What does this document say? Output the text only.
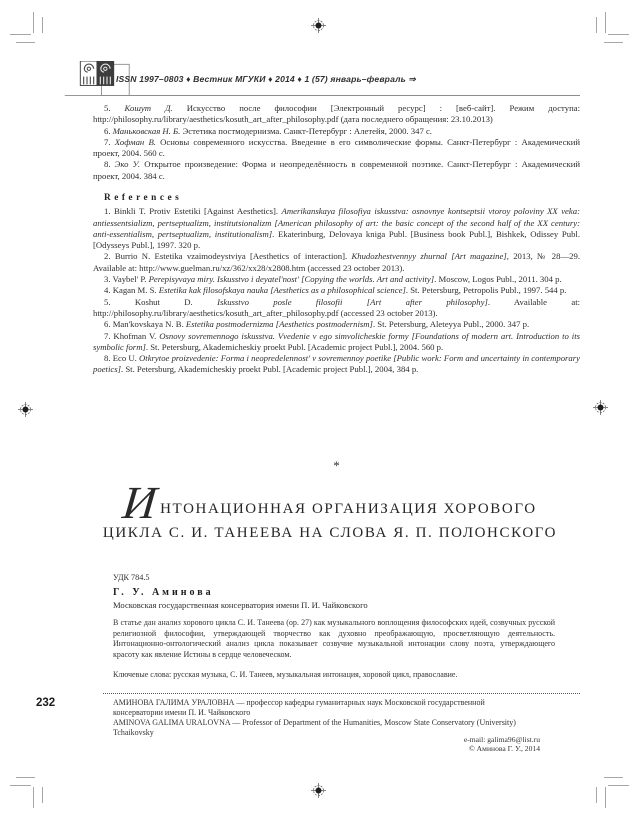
ISSN 1997–0803 ♦ Вестник МГУКИ ♦ 2014 ♦ 1 (57) январь–февраль ⇒

5. Кошут Д. Искусство после философии [Электронный ресурс] : [веб-сайт]. Режим доступа: http://philosophy.ru/library/aesthetics/kosuth_art_after_philosophy.pdf (дата последнего обращения: 23.10.2013)

6. Маньковская Н. Б. Эстетика постмодернизма. Санкт-Петербург : Алетейя, 2000. 347 с.

7. Хофман В. Основы современного искусства. Введение в его символические формы. Санкт-Петербург : Академический проект, 2004. 560 с.

8. Эко У. Открытое произведение: Форма и неопределённость в современной поэтике. Санкт-Петербург : Академический проект, 2004. 384 с.

References

1. Binkli T. Protiv Estetiki [Against Aesthetics]. Amerikanskaya filosofiya iskusstva: osnovnye kontseptsii vtoroy poloviny XX veka: antiessentsializm, pertseptualizm, institutsionalizm [American philosophy of art: the basic concept of the second half of the XX century: anti-essentialism, pertseptualizm, institutionalism]. Ekaterinburg, Delovaya kniga Publ. [Business book Publ.], Bishkek, Odissey Publ. [Odysseys Publ.], 1997. 320 p.

2. Burrio N. Estetika vzaimodeystviya [Aesthetics of interaction]. Khudozhestvennyy zhurnal [Art magazine], 2013, № 28—29. Available at: http://www.guelman.ru/xz/362/xx28/x2808.htm (accessed 23 october 2013).

3. Vaybel' P. Perepisyvaya miry. Iskusstvo i deyatel'nost' [Copying the worlds. Art and activity]. Moscow, Logos Publ., 2011. 304 p.

4. Kagan M. S. Estetika kak filosofskaya nauka [Aesthetics as a philosophical science]. St. Petersburg, Petropolis Publ., 1997. 544 p.

5. Koshut D. Iskusstvo posle filosofii [Art after philosophy]. Available at: http://philosophy.ru/library/aesthetics/kosuth_art_after_philosophy.pdf (accessed 23 october 2013).

6. Man'kovskaya N. B. Estetika postmodernizma [Aesthetics postmodernism]. St. Petersburg, Aleteyya Publ., 2000. 347 p.

7. Khofman V. Osnovy sovremennogo iskusstva. Vvedenie v ego simvolicheskie formy [Foundations of modern art. Introduction to its symbolic form]. St. Petersburg, Akademicheskiy proekt Publ. [Academic project Publ.], 2004. 560 p.

8. Eco U. Otkrytoe proizvedenie: Forma i neopredelennost' v sovremennoy poetike [Public work: Form and uncertainty in contemporary poetics]. St. Petersburg, Akademicheskiy proekt Publ. [Academic project Publ.], 2004, 384 p.

*
ИНТОНАЦИОННАЯ ОРГАНИЗАЦИЯ ХОРОВОГО
ЦИКЛА С. И. ТАНЕЕВА НА СЛОВА Я. П. ПОЛОНСКОГО

УДК 784.5

Г. У. Аминова

Московская государственная консерватория имени П. И. Чайковского

В статье дан анализ хорового цикла С. И. Танеева (ор. 27) как музыкального воплощения философских идей, созвучных русской религиозной философии, утверждающей творчество как духовно преображающую, просветляющую деятельность. Интонационно-онтологический анализ цикла показывает созвучие музыкальной интонации слову поэта, утверждающего красоту как явление Истины в сердце человеческом.
Ключевые слова: русская музыка, С. И. Танеев, музыкальная интонация, хоровой цикл, православие.
232	АМИНОВА ГАЛИМА УРАЛОВНА — профессор кафедры гуманитарных наук Московской государственной консерватории имени П. И. Чайковского
AMINOVA GALIMA URALOVNA — Professor of Department of the Humanities, Moscow State Conservatory (University) Tchaikovsky
e-mail: galima96@list.ru
© Аминова Г. У., 2014
